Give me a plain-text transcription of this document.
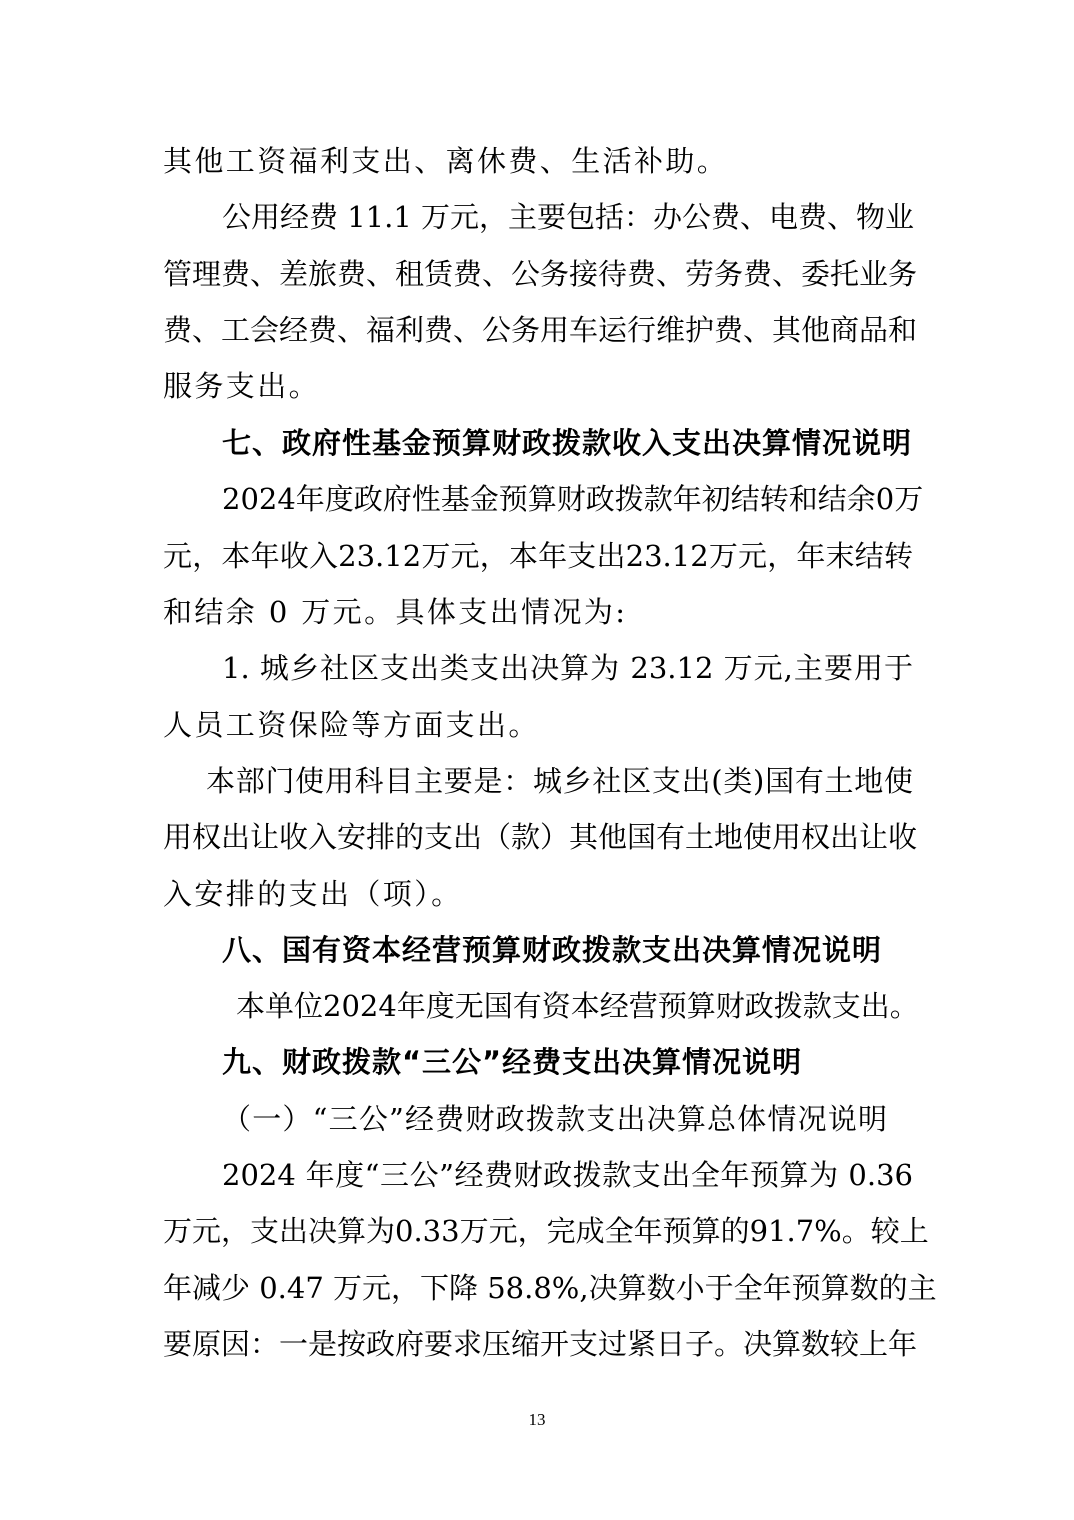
其他工资福利支出、离休费、生活补助。
公用经费 11.1 万元，主要包括：办公费、电费、物业
管理费、差旅费、租赁费、公务接待费、劳务费、委托业务
费、工会经费、福利费、公务用车运行维护费、其他商品和
服务支出。
七、政府性基金预算财政拨款收入支出决算情况说明
2024年度政府性基金预算财政拨款年初结转和结余0万
元，本年收入23.12万元，本年支出23.12万元，年末结转
和结余 0 万元。具体支出情况为:
1. 城乡社区支出类支出决算为 23.12 万元,主要用于
人员工资保险等方面支出。
本部门使用科目主要是：城乡社区支出(类)国有土地使
用权出让收入安排的支出（款）其他国有土地使用权出让收
入安排的支出（项）。
八、国有资本经营预算财政拨款支出决算情况说明
本单位2024年度无国有资本经营预算财政拨款支出。
九、财政拨款“三公”经费支出决算情况说明
（一）“三公”经费财政拨款支出决算总体情况说明
2024 年度“三公”经费财政拨款支出全年预算为 0.36
万元，支出决算为0.33万元，完成全年预算的91.7%。较上
年减少 0.47 万元，下降 58.8%,决算数小于全年预算数的主
要原因：一是按政府要求压缩开支过紧日子。决算数较上年
13
